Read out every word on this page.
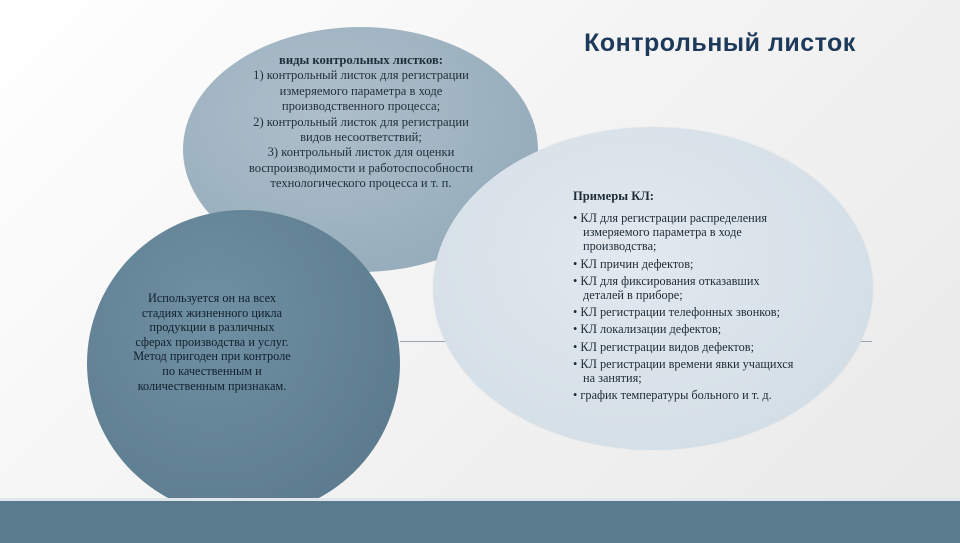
Контрольный листок
виды контрольных листков:
1) контрольный листок для регистрации
измеряемого параметра в ходе
производственного процесса;
2) контрольный листок для регистрации
видов несоответствий;
3) контрольный листок для оценки
воспроизводимости и работоспособности
технологического процесса и т. п.
Используется он на всех
стадиях жизненного цикла
продукции в различных
сферах производства и услуг.
Метод пригоден при контроле
по качественным и
количественным признакам.
Примеры КЛ:
• КЛ для регистрации распределения
измеряемого параметра в ходе
производства;
• КЛ причин дефектов;
• КЛ для фиксирования отказавших
деталей в приборе;
• КЛ регистрации телефонных звонков;
• КЛ локализации дефектов;
• КЛ регистрации видов дефектов;
• КЛ регистрации времени явки учащихся
на занятия;
• график температуры больного и т. д.
